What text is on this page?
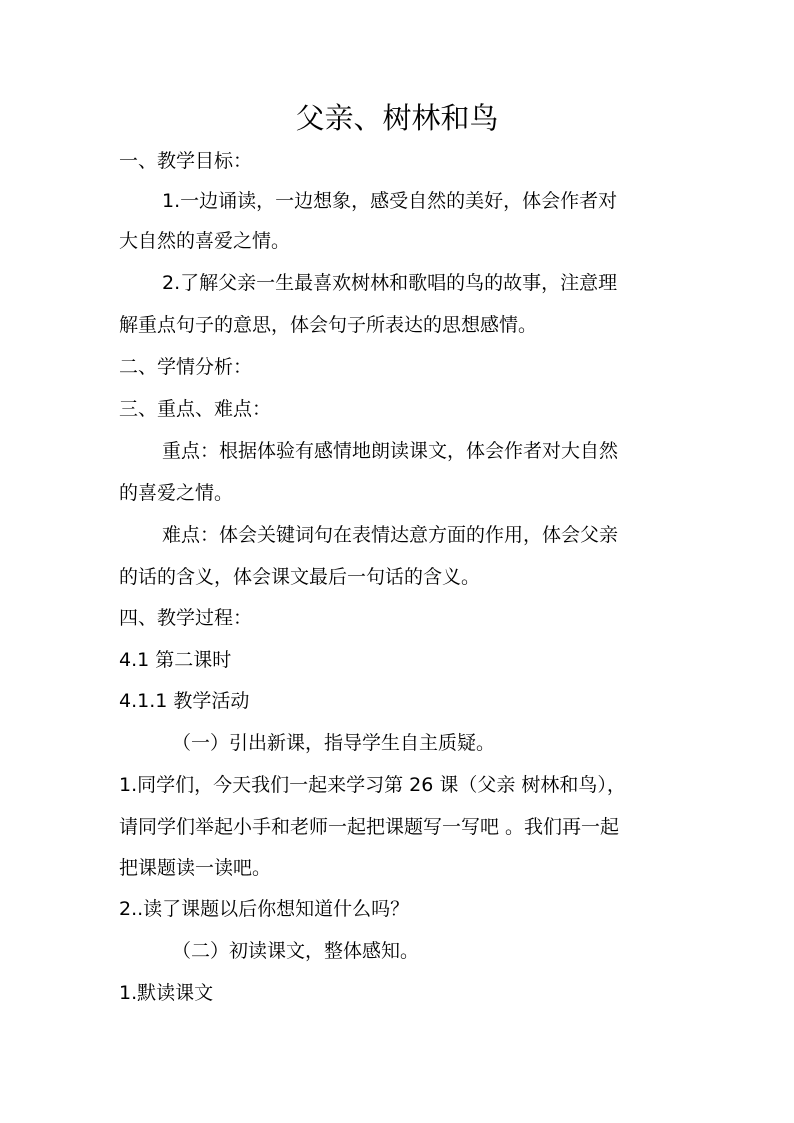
父亲、树林和鸟
一、教学目标：
1.一边诵读，一边想象，感受自然的美好，体会作者对
大自然的喜爱之情。
2.了解父亲一生最喜欢树林和歌唱的鸟的故事，注意理
解重点句子的意思，体会句子所表达的思想感情。
二、学情分析：
三、重点、难点：
重点：根据体验有感情地朗读课文，体会作者对大自然
的喜爱之情。
难点：体会关键词句在表情达意方面的作用，体会父亲
的话的含义，体会课文最后一句话的含义。
四、教学过程：
4.1 第二课时
4.1.1 教学活动
（一）引出新课，指导学生自主质疑。
1.同学们，今天我们一起来学习第 26 课（父亲 树林和鸟），
请同学们举起小手和老师一起把课题写一写吧 。我们再一起
把课题读一读吧。
2..读了课题以后你想知道什么吗？
（二）初读课文，整体感知。
1.默读课文
